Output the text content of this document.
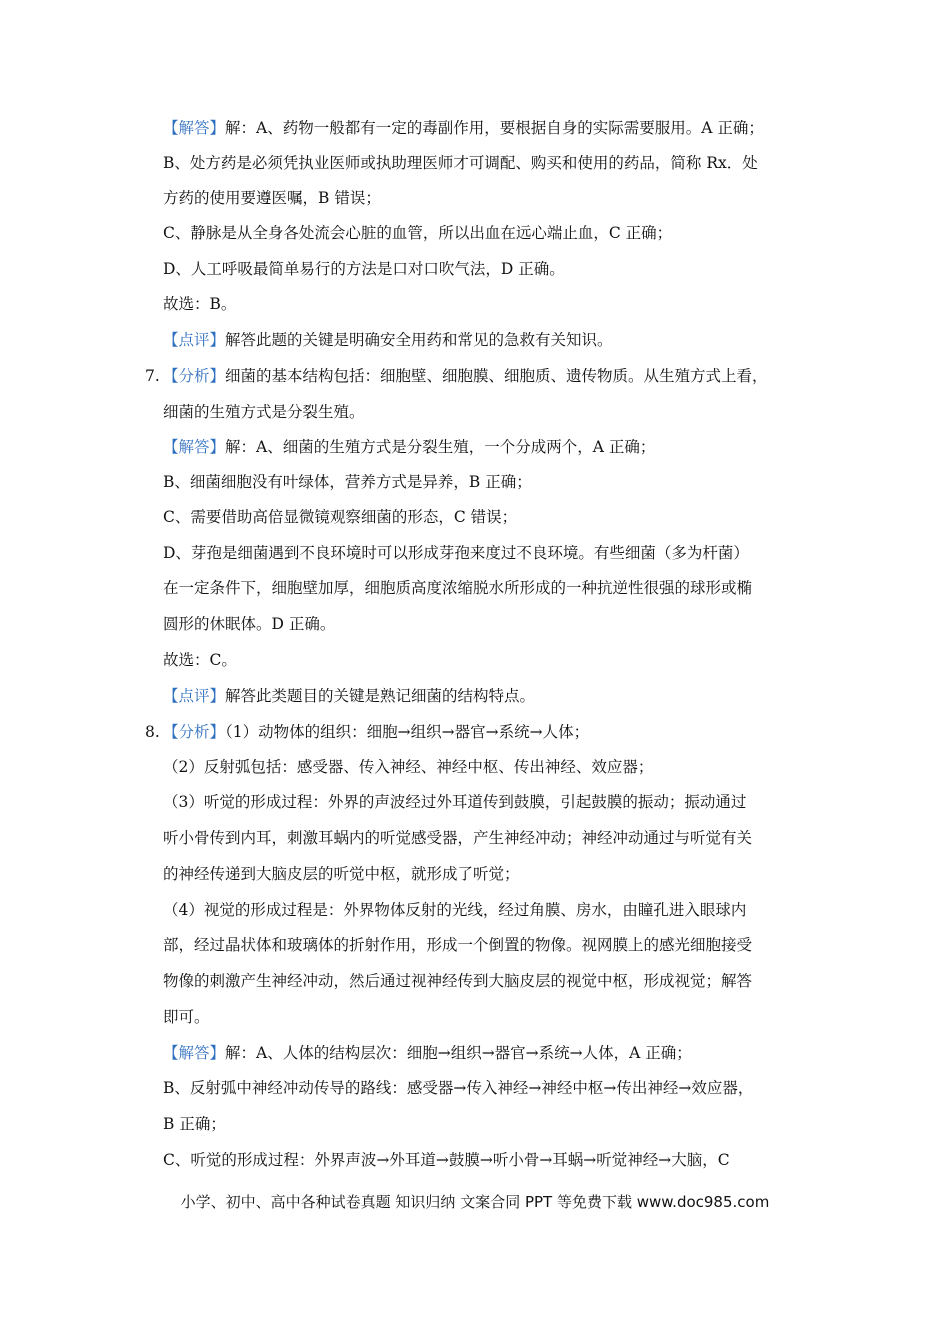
【解答】解：A、药物一般都有一定的毒副作用，要根据自身的实际需要服用。A 正确；
B、处方药是必须凭执业医师或执助理医师才可调配、购买和使用的药品，简称 Rx．处
方药的使用要遵医嘱，B 错误；
C、静脉是从全身各处流会心脏的血管，所以出血在远心端止血，C 正确；
D、人工呼吸最简单易行的方法是口对口吹气法，D 正确。
故选：B。
【点评】解答此题的关键是明确安全用药和常见的急救有关知识。
7. 【分析】细菌的基本结构包括：细胞壁、细胞膜、细胞质、遗传物质。从生殖方式上看，
细菌的生殖方式是分裂生殖。
【解答】解：A、细菌的生殖方式是分裂生殖，一个分成两个，A 正确；
B、细菌细胞没有叶绿体，营养方式是异养，B 正确；
C、需要借助高倍显微镜观察细菌的形态，C 错误；
D、芽孢是细菌遇到不良环境时可以形成芽孢来度过不良环境。有些细菌（多为杆菌）
在一定条件下，细胞壁加厚，细胞质高度浓缩脱水所形成的一种抗逆性很强的球形或椭
圆形的休眠体。D 正确。
故选：C。
【点评】解答此类题目的关键是熟记细菌的结构特点。
8. 【分析】（1）动物体的组织：细胞→组织→器官→系统→人体；
（2）反射弧包括：感受器、传入神经、神经中枢、传出神经、效应器；
（3）听觉的形成过程：外界的声波经过外耳道传到鼓膜，引起鼓膜的振动；振动通过
听小骨传到内耳，刺激耳蜗内的听觉感受器，产生神经冲动；神经冲动通过与听觉有关
的神经传递到大脑皮层的听觉中枢，就形成了听觉；
（4）视觉的形成过程是：外界物体反射的光线，经过角膜、房水，由瞳孔进入眼球内
部，经过晶状体和玻璃体的折射作用，形成一个倒置的物像。视网膜上的感光细胞接受
物像的刺激产生神经冲动，然后通过视神经传到大脑皮层的视觉中枢，形成视觉；解答
即可。
【解答】解：A、人体的结构层次：细胞→组织→器官→系统→人体，A 正确；
B、反射弧中神经冲动传导的路线：感受器→传入神经→神经中枢→传出神经→效应器，
B 正确；
C、听觉的形成过程：外界声波→外耳道→鼓膜→听小骨→耳蜗→听觉神经→大脑，C
小学、初中、高中各种试卷真题 知识归纳 文案合同 PPT 等免费下载 www.doc985.com
